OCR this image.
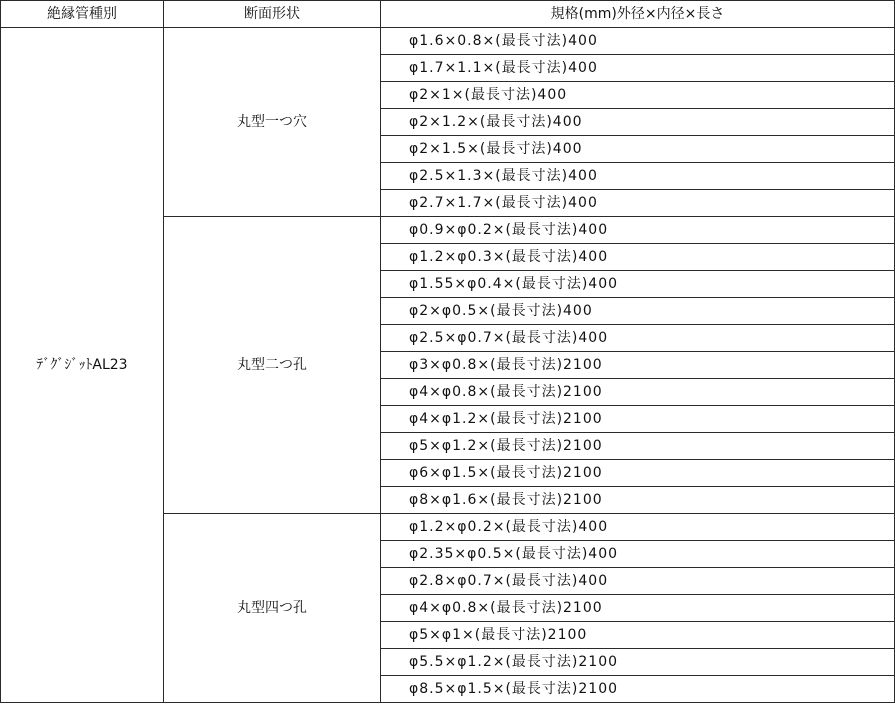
絶縁管種別	断面形状	規格(mm)外径×内径×長さ
ﾃﾞｸﾞｼﾞｯﾄAL23	丸型一つ穴	φ1.6×0.8×(最長寸法)400
		φ1.7×1.1×(最長寸法)400
		φ2×1×(最長寸法)400
		φ2×1.2×(最長寸法)400
		φ2×1.5×(最長寸法)400
		φ2.5×1.3×(最長寸法)400
		φ2.7×1.7×(最長寸法)400
	丸型二つ孔	φ0.9×φ0.2×(最長寸法)400
		φ1.2×φ0.3×(最長寸法)400
		φ1.55×φ0.4×(最長寸法)400
		φ2×φ0.5×(最長寸法)400
		φ2.5×φ0.7×(最長寸法)400
		φ3×φ0.8×(最長寸法)2100
		φ4×φ0.8×(最長寸法)2100
		φ4×φ1.2×(最長寸法)2100
		φ5×φ1.2×(最長寸法)2100
		φ6×φ1.5×(最長寸法)2100
		φ8×φ1.6×(最長寸法)2100
	丸型四つ孔	φ1.2×φ0.2×(最長寸法)400
		φ2.35×φ0.5×(最長寸法)400
		φ2.8×φ0.7×(最長寸法)400
		φ4×φ0.8×(最長寸法)2100
		φ5×φ1×(最長寸法)2100
		φ5.5×φ1.2×(最長寸法)2100
		φ8.5×φ1.5×(最長寸法)2100
